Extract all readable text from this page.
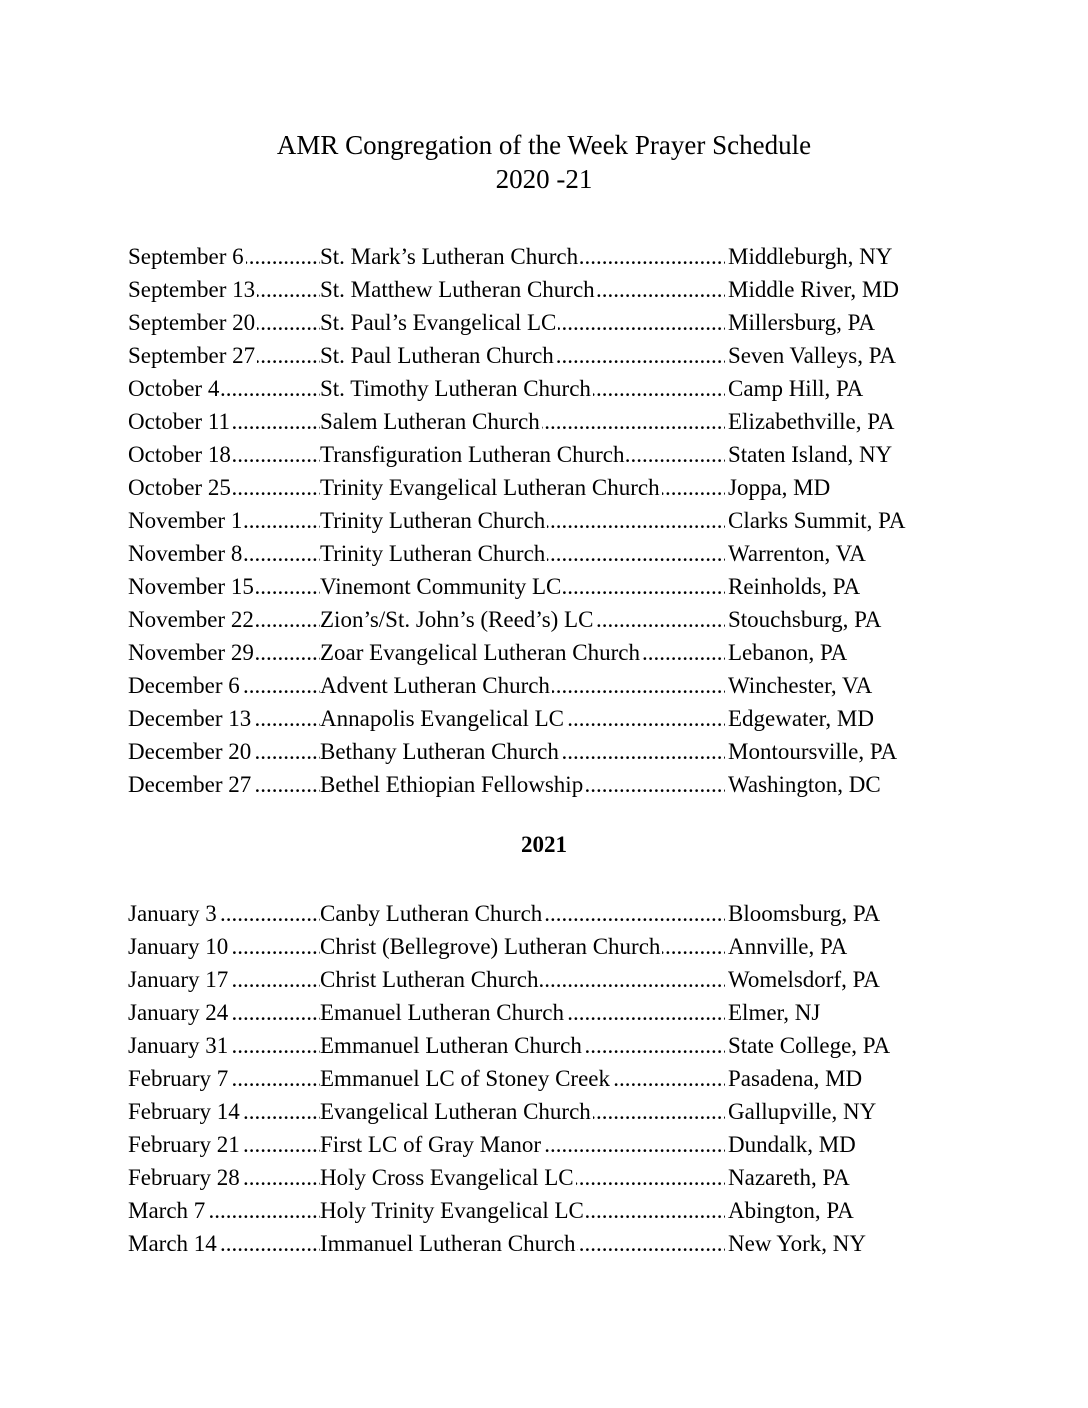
AMR Congregation of the Week Prayer Schedule
2020 -21
.....
September 6 .....	St. Mark’s Lutheran Church	Middleburgh, NY
.....
September 13 .....	St. Matthew Lutheran Church	Middle River, MD
.....
September 20 .....	St. Paul’s Evangelical LC	Millersburg, PA
.....
September 27 .....	St. Paul Lutheran Church	Seven Valleys, PA
.....
October 4 .....	St. Timothy Lutheran Church	Camp Hill, PA
.....
October 11 .....	Salem Lutheran Church	Elizabethville, PA
.....
October 18 .....	Transfiguration Lutheran Church	Staten Island, NY
.....
October 25 .....	Trinity Evangelical Lutheran Church	Joppa, MD
.....
November 1 .....	Trinity Lutheran Church	Clarks Summit, PA
.....
November 8 .....	Trinity Lutheran Church	Warrenton, VA
.....
November 15 .....	Vinemont Community LC	Reinholds, PA
.....
November 22 .....	Zion’s/St. John’s (Reed’s) LC	Stouchsburg, PA
.....
November 29 .....	Zoar Evangelical Lutheran Church	Lebanon, PA
.....
December 6 .....	Advent Lutheran Church	Winchester, VA
.....
December 13 .....	Annapolis Evangelical LC	Edgewater, MD
.....
December 20 .....	Bethany Lutheran Church	Montoursville, PA
.....
December 27 .....	Bethel Ethiopian Fellowship	Washington, DC
2021
.....
January 3 .....	Canby Lutheran Church	Bloomsburg, PA
.....
January 10 .....	Christ (Bellegrove) Lutheran Church	Annville, PA
.....
January 17 .....	Christ Lutheran Church	Womelsdorf, PA
.....
January 24 .....	Emanuel Lutheran Church	Elmer, NJ
.....
January 31 .....	Emmanuel Lutheran Church	State College, PA
.....
February 7 .....	Emmanuel LC of Stoney Creek	Pasadena, MD
.....
February 14 .....	Evangelical Lutheran Church	Gallupville, NY
.....
February 21 .....	First LC of Gray Manor	Dundalk, MD
.....
February 28 .....	Holy Cross Evangelical LC	Nazareth, PA
.....
March 7 .....	Holy Trinity Evangelical LC	Abington, PA
.....
March 14 .....	Immanuel Lutheran Church	New York, NY
